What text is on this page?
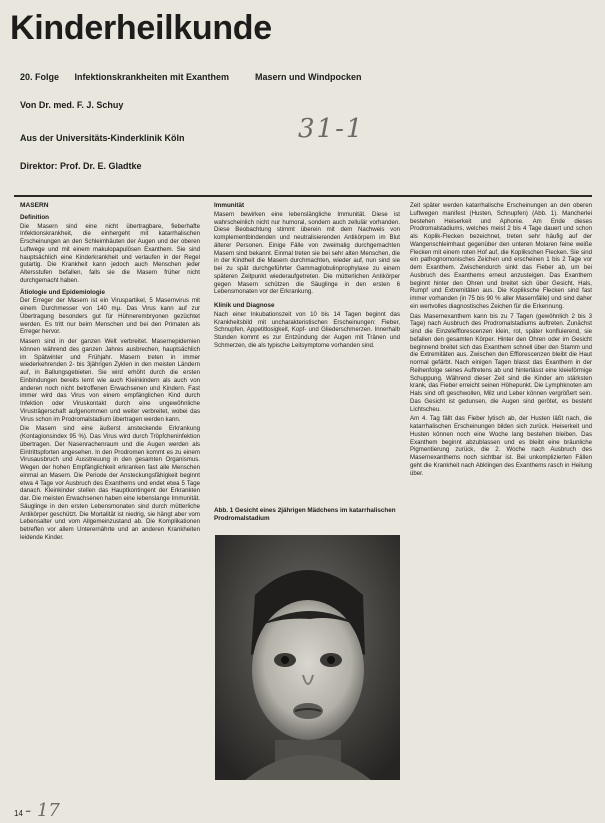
Kinderheilkunde
20. Folge Infektionskrankheiten mit Exanthem	Masern und Windpocken
Von Dr. med. F. J. Schuy
Aus der Universitäts-Kinderklinik Köln
Direktor: Prof. Dr. E. Gladtke
31-1
MASERN
Definition

Die Masern sind eine nicht übertragbare, fieberhafte Infektionskrankheit, die einhergeht mit katarrhalischen Erscheinungen an den Schleimhäuten der Augen und der oberen Luftwege und mit einem makulopapulösen Exanthem. Sie sind hauptsächlich eine Kinderkrankheit und verlaufen in der Regel gutartig. Die Krankheit kann jedoch auch Menschen jeder Altersstufen befallen, falls sie die Masern früher nicht durchgemacht haben.

Ätiologie und Epidemiologie

Der Erreger der Masern ist ein Viruspartikel, 5 Masernvirus mit einem Durchmesser von 140 mμ. Das Virus kann auf zur Übertragung besonders gut für Hühnerembryonen gezüchtet werden. Es tritt nur beim Menschen und bei den Primaten als Erreger hervor.

Masern sind in der ganzen Welt verbreitet. Masernepidemien können während des ganzen Jahres ausbrechen, hauptsächlich im Spätwinter und Frühjahr. Masern treten in immer wiederkehrenden 2- bis 3jährigen Zyklen in den meisten Ländern auf, in Ballungsgebieten. Sie wird erhöht durch die ersten Einbindungen bereits lernt wie auch Kleinkindern als auch von anderen noch nicht betroffenen Erwachsenen und Kindern. Fast immer wird das Virus von einem empfänglichen Kind durch Infektion oder Viruskontakt durch eine ungewöhnliche Virusträgerschaft aufgenommen und weiter verbreitet, wobei das Virus schon im Prodromalstadium übertragen werden kann.

Die Masern sind eine äußerst ansteckende Erkrankung (Kontagionsindex 95 %). Das Virus wird durch Tröpfcheninfektion übertragen. Der Nasenrachenraum und die Augen werden als Eintrittspforten angesehen. In den Prodromen kommt es zu einem Virusausbruch und Ausstreuung in den gesamten Organismus. Wegen der hohen Empfänglichkeit erkranken fast alle Menschen einmal an Masern. Die Periode der Ansteckungsfähigkeit beginnt etwa 4 Tage vor Ausbruch des Exanthems und endet etwa 5 Tage danach. Kleinkinder stellen das Hauptkontingent der Erkrankten dar. Die meisten Erwachsenen haben eine lebenslange Immunität. Säuglinge in den ersten Lebensmonaten sind durch mütterliche Antikörper geschützt. Die Mortalität ist niedrig, sie hängt aber vom Lebensalter und vom Allgemeinzustand ab. Die Komplikationen betreffen vor allem Unterernährte und an anderen Krankheiten leidende Kinder.

Immunität

Masern bewirken eine lebenslängliche Immunität. Diese ist wahrscheinlich nicht nur humoral, sondern auch zellulär vorhanden. Diese Beobachtung stimmt überein mit dem Nachweis von komplementbindenden und neutralisierenden Antikörpern im Blut älterer Personen. Einige Fälle von zweimalig durchgemachten Masern sind bekannt. Einmal treten sie bei sehr alten Menschen, die in der Kindheit die Masern durchmachten, wieder auf, nun sind sie bei zu spät durchgeführter Gammaglobulinprophylaxe zu einem späteren Zeitpunkt wiederaufgetreten. Die mütterlichen Antikörper gegen Masern schützen die Säuglinge in den ersten 6 Lebensmonaten vor der Erkrankung.

Klinik und Diagnose

Nach einer Inkubationszeit von 10 bis 14 Tagen beginnt das Krankheitsbild mit uncharakteristischen Erscheinungen: Fieber, Schnupfen, Appetitlosigkeit, Kopf- und Gliederschmerzen. Innerhalb Stunden kommt es zur Entzündung der Augen mit Tränen und Schmerzen, die als typische Leitsymptome vorhanden sind.

Abb. 1 Gesicht eines 2jährigen Mädchens im katarrhalischen Prodromalstadium

Zeit später werden katarrhalische Erscheinungen an den oberen Luftwegen manifest (Husten, Schnupfen) (Abb. 1). Mancherlei bestehen Heiserkeit und Aphonie. Am Ende dieses Prodromalstadiums, welches meist 2 bis 4 Tage dauert und schon als Koplik-Flecken bezeichnet, treten sehr häufig auf der Wangenschleimhaut gegenüber den unteren Molaren feine weiße Flecken mit einem roten Hof auf, die Koplikschen Flecken. Sie sind ein pathognomonisches Zeichen und erscheinen 1 bis 2 Tage vor dem Exanthem. Zwischendurch sinkt das Fieber ab, um bei Ausbruch des Exanthems erneut anzusteigen. Das Exanthem beginnt hinter den Ohren und breitet sich über Gesicht, Hals, Rumpf und Extremitäten aus. Die Kopliksche Flecken sind fast immer vorhanden (in 75 bis 90 % aller Masernfälle) und sind daher ein wertvolles diagnostisches Zeichen für die Erkennung.

Das Masernexanthem kann bis zu 7 Tagen (gewöhnlich 2 bis 3 Tage) nach Ausbruch des Prodromalstadiums auftreten. Zunächst sind die Einzelefflorescenzen klein, rot, später konfluierend, sie befallen den gesamten Körper. Hinter den Ohren oder im Gesicht beginnend breitet sich das Exanthem schnell über den Stamm und die Extremitäten aus. Zwischen den Efflorescenzen bleibt die Haut normal gefärbt. Nach einigen Tagen blasst das Exanthem in der Reihenfolge seines Auftretens ab und hinterlässt eine kleieförmige Schuppung. Während dieser Zeit sind die Kinder am stärksten krank, das Fieber erreicht seinen Höhepunkt. Die Lymphknoten am Hals sind oft geschwollen, Milz und Leber können vergrößert sein. Das Gesicht ist gedunsen, die Augen sind gerötet, es besteht Lichtscheu.

Am 4. Tag fällt das Fieber lytisch ab, der Husten läßt nach, die katarrhalischen Erscheinungen bilden sich zurück. Heiserkeit und Husten können noch eine Woche lang bestehen bleiben. Das Exanthem beginnt abzublassen und es bleibt eine bräunliche Pigmentierung zurück, die 2. Woche nach Ausbruch des Masernexanthems noch sichtbar ist. Bei unkomplizierten Fällen geht die Krankheit nach Abklingen des Exanthems rasch in Heilung über.

14 - 17
